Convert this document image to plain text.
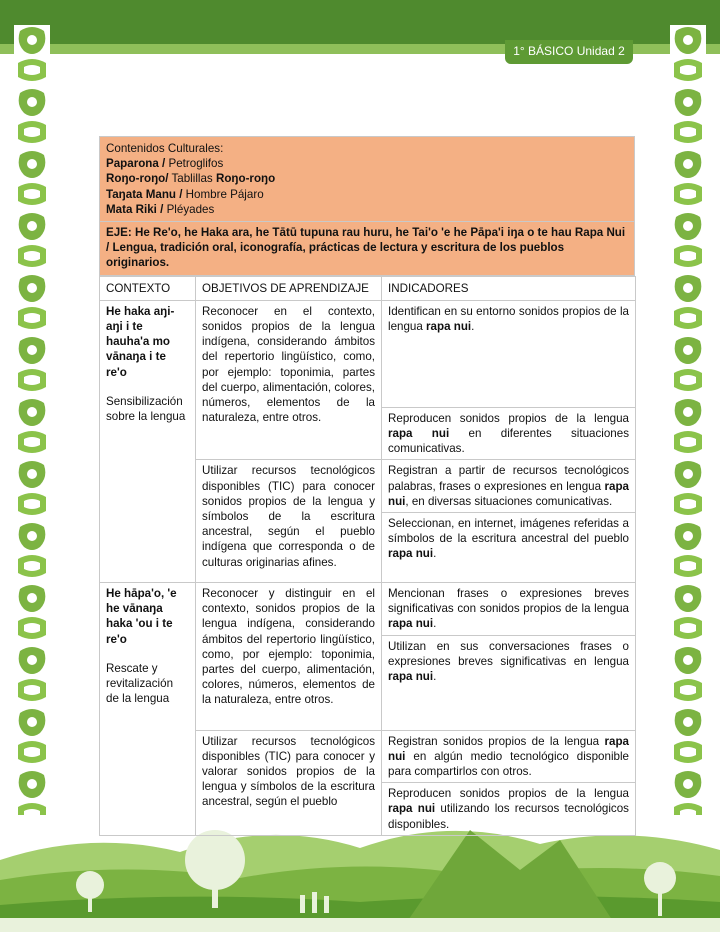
1° BÁSICO Unidad 2
Contenidos Culturales:
Paparona / Petroglifos
Roŋo-roŋo/ Tablillas Roŋo-roŋo
Taŋata Manu / Hombre Pájaro
Mata Riki / Pléyades
EJE: He Re'o, he Haka ara, he Tātū tupuna rau huru, he Tai'o 'e he Pāpa'i iŋa o te hau Rapa Nui / Lengua, tradición oral, iconografía, prácticas de lectura y escritura de los pueblos originarios.
CONTEXTO	OBJETIVOS DE APRENDIZAJE	INDICADORES
He haka aŋi-aŋi i te hauha'a mo vānaŋa i te re'o
Sensibilización sobre la lengua	Reconocer en el contexto, sonidos propios de la lengua indígena, considerando ámbitos del repertorio lingüístico, como, por ejemplo: toponimia, partes del cuerpo, alimentación, colores, números, elementos de la naturaleza, entre otros.	Identifican en su entorno sonidos propios de la lengua rapa nui.
		Reproducen sonidos propios de la lengua rapa nui en diferentes situaciones comunicativas.
	Utilizar recursos tecnológicos disponibles (TIC) para conocer sonidos propios de la lengua y símbolos de la escritura ancestral, según el pueblo indígena que corresponda o de culturas originarias afines.	Registran a partir de recursos tecnológicos palabras, frases o expresiones en lengua rapa nui, en diversas situaciones comunicativas.
		Seleccionan, en internet, imágenes referidas a símbolos de la escritura ancestral del pueblo rapa nui.
He hāpa'o, 'e he vānaŋa haka 'ou i te re'o
Rescate y revitalización de la lengua	Reconocer y distinguir en el contexto, sonidos propios de la lengua indígena, considerando ámbitos del repertorio lingüístico, como, por ejemplo: toponimia, partes del cuerpo, alimentación, colores, números, elementos de la naturaleza, entre otros.	Mencionan frases o expresiones breves significativas con sonidos propios de la lengua rapa nui.
		Utilizan en sus conversaciones frases o expresiones breves significativas en lengua rapa nui.
	Utilizar recursos tecnológicos disponibles (TIC) para conocer y valorar sonidos propios de la lengua y símbolos de la escritura ancestral, según el pueblo	Registran sonidos propios de la lengua rapa nui en algún medio tecnológico disponible para compartirlos con otros.
		Reproducen sonidos propios de la lengua rapa nui utilizando los recursos tecnológicos disponibles.
